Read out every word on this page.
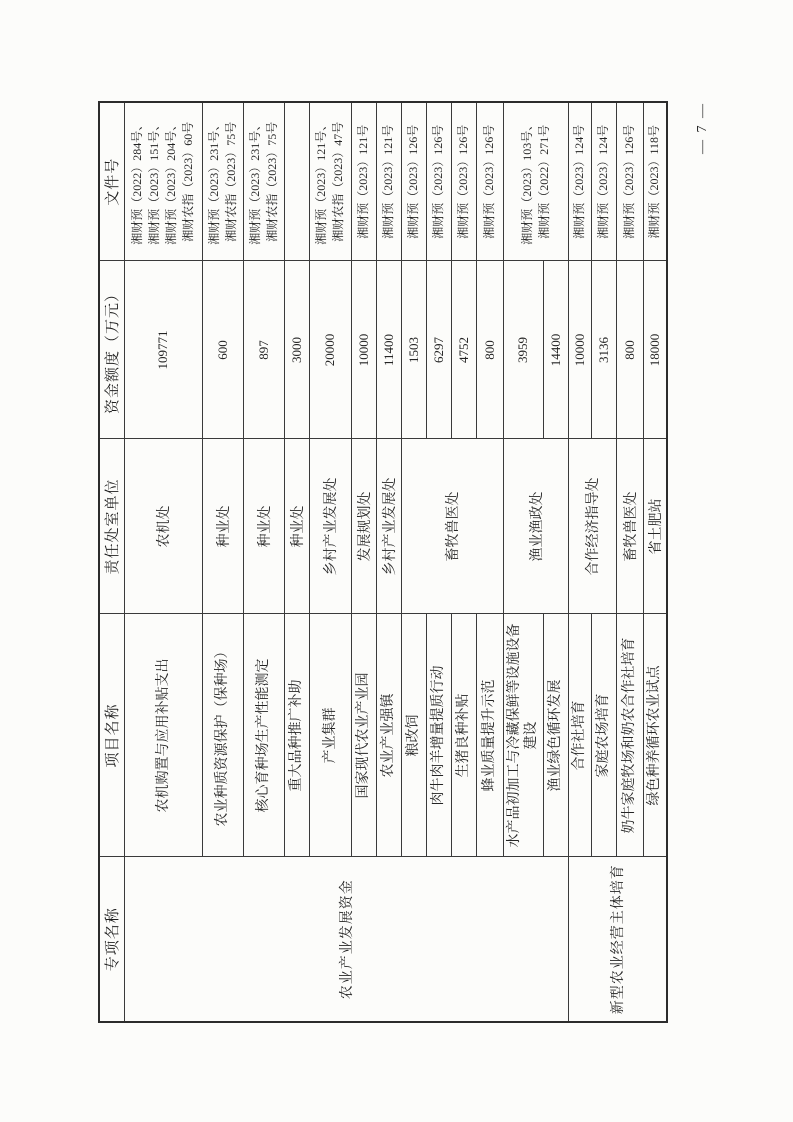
— 7 —
专项名称	项目名称	责任处室单位	资金额度（万元）	文件号
农业产业发展资金	农机购置与应用补贴支出	农机处	109771	湘财预（2022）284号、 湘财预（2023）151号、 湘财预（2023）204号、 湘财农指（2023）60号

	农业种质资源保护（保种场）	种业处	600	湘财预（2023）231号、 湘财农指（2023）75号

	核心育种场生产性能测定	种业处	897	湘财预（2023）231号、 湘财农指（2023）75号

	重大品种推广补助	种业处	3000	
	产业集群	乡村产业发展处	20000	湘财预（2023）121号、 湘财农指（2023）47号

	国家现代农业产业园	发展规划处	10000	湘财预（2023）121号

	农业产业强镇	乡村产业发展处	11400	湘财预（2023）121号

	粮改饲	畜牧兽医处	1503	湘财预（2023）126号

	肉牛肉羊增量提质行动		6297	湘财预（2023）126号

	生猪良种补贴		4752	湘财预（2023）126号

	蜂业质量提升示范		800	湘财预（2023）126号

	水产品初加工与冷藏保鲜等设施设备建设	渔业渔政处	3959	湘财预（2023）103号、 湘财预（2022）271号

	渔业绿色循环发展		14400	
新型农业经营主体培育	合作社培育	合作经济指导处	10000	湘财预（2023）124号

	家庭农场培育		3136	湘财预（2023）124号

	奶牛家庭牧场和奶农合作社培育	畜牧兽医处	800	湘财预（2023）126号

	绿色种养循环农业试点	省土肥站	18000	湘财预（2023）118号
